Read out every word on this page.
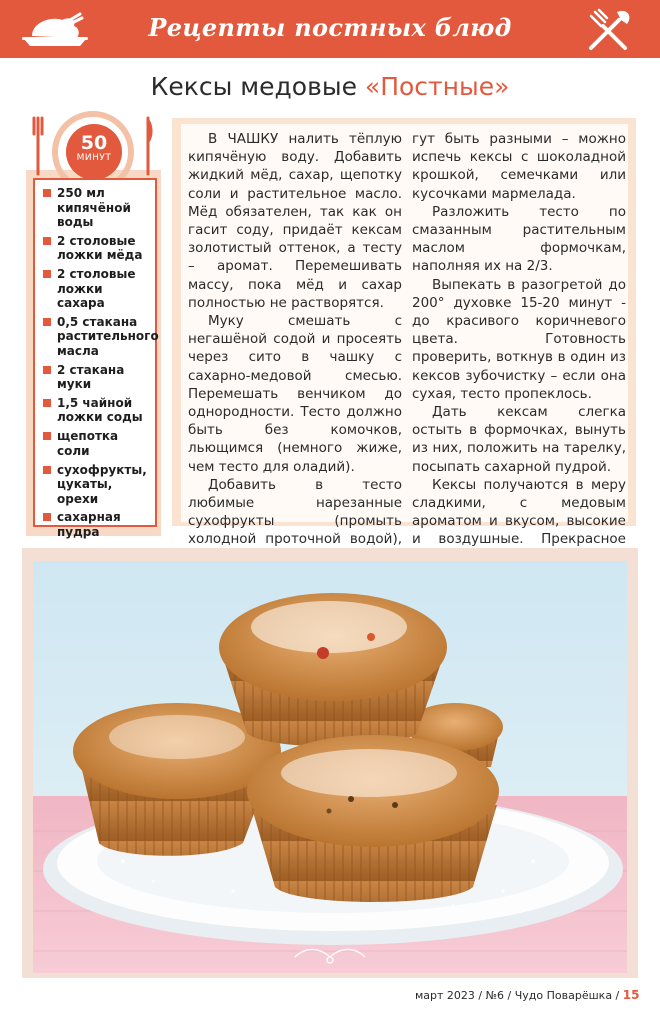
Рецепты постных блюд
Кексы медовые «Постные»
50
МИНУТ
250 мл кипячёной воды
2 столовые ложки мёда
2 столовые ложки сахара
0,5 стакана растительного масла
2 стакана муки
1,5 чайной ложки соды
щепотка соли
сухофрукты, цукаты, орехи
сахарная пудра

В ЧАШКУ налить тёплую кипячёную воду. Добавить жидкий мёд, сахар, щепотку соли и растительное масло. Мёд обязателен, так как он гасит соду, придаёт кексам золотистый оттенок, а тесту – аромат. Перемешивать массу, пока мёд и сахар полностью не растворятся.

Муку смешать с негашёной содой и просеять через сито в чашку с сахарно-медовой смесью. Перемешать венчиком до однородности. Тесто должно быть без комочков, льющимся (немного жиже, чем тесто для оладий).

Добавить в тесто любимые нарезанные сухофрукты (промыть холодной проточной водой),

гут быть разными – можно испечь кексы с шоколадной крошкой, семечками или кусочками мармелада.

Разложить тесто по смазанным растительным маслом формочкам, наполняя их на 2/3.

Выпекать в разогретой до 200° духовке 15-20 минут - до красивого коричневого цвета. Готовность проверить, воткнув в один из кексов зубочистку – если она сухая, тесто пропеклось.

Дать кексам слегка остыть в формочках, вынуть из них, положить на тарелку, посыпать сахарной пудрой.

Кексы получаются в меру сладкими, с медовым ароматом и вкусом, высокие и воздушные. Прекрасное

март 2023 / №6 / Чудо Поварёшка / 15
